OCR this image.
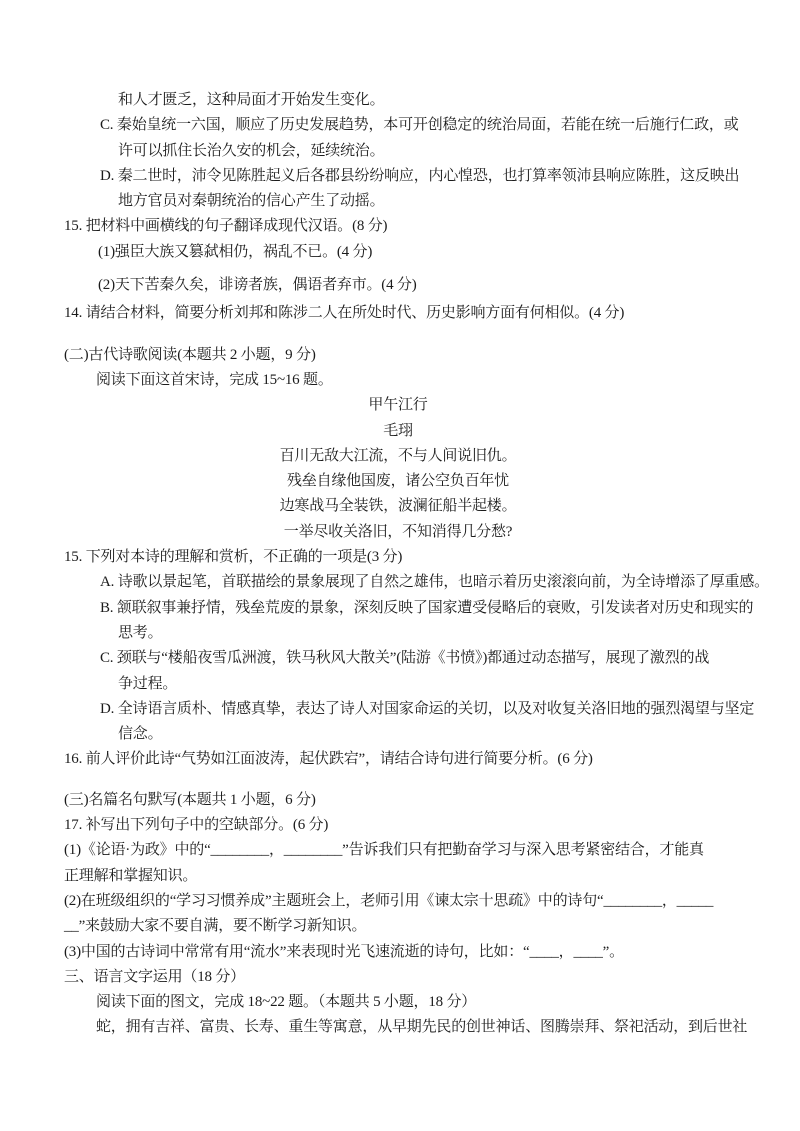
和人才匮乏，这种局面才开始发生变化。
C. 秦始皇统一六国，顺应了历史发展趋势，本可开创稳定的统治局面，若能在统一后施行仁政，或
许可以抓住长治久安的机会，延续统治。
D. 秦二世时，沛令见陈胜起义后各郡县纷纷响应，内心惶恐，也打算率领沛县响应陈胜，这反映出
地方官员对秦朝统治的信心产生了动摇。
15. 把材料中画横线的句子翻译成现代汉语。(8 分)
(1)强臣大族又篡弑相仍，祸乱不已。(4 分)
(2)天下苦秦久矣，诽谤者族，偶语者弃市。(4 分)
14. 请结合材料，简要分析刘邦和陈涉二人在所处时代、历史影响方面有何相似。(4 分)
(二)古代诗歌阅读(本题共 2 小题，9 分)
阅读下面这首宋诗，完成 15~16 题。
甲午江行
毛珝
百川无敌大江流，不与人间说旧仇。
残垒自缘他国废，诸公空负百年忧
边寒战马全装铁，波澜征船半起楼。
一举尽收关洛旧，不知消得几分愁?
15. 下列对本诗的理解和赏析，不正确的一项是(3 分)
A. 诗歌以景起笔，首联描绘的景象展现了自然之雄伟，也暗示着历史滚滚向前，为全诗增添了厚重感。
B. 颔联叙事兼抒情，残垒荒废的景象，深刻反映了国家遭受侵略后的衰败，引发读者对历史和现实的
思考。
C. 颈联与“楼船夜雪瓜洲渡，铁马秋风大散关”(陆游《书愤》)都通过动态描写，展现了激烈的战
争过程。
D. 全诗语言质朴、情感真挚，表达了诗人对国家命运的关切，以及对收复关洛旧地的强烈渴望与坚定
信念。
16. 前人评价此诗“气势如江面波涛，起伏跌宕”，请结合诗句进行简要分析。(6 分)
(三)名篇名句默写(本题共 1 小题，6 分)
17. 补写出下列句子中的空缺部分。(6 分)
(1)《论语·为政》中的“________，________”告诉我们只有把勤奋学习与深入思考紧密结合，才能真
正理解和掌握知识。
(2)在班级组织的“学习习惯养成”主题班会上，老师引用《谏太宗十思疏》中的诗句“________，_____
__”来鼓励大家不要自满，要不断学习新知识。
(3)中国的古诗词中常常有用“流水”来表现时光飞速流逝的诗句，比如：“____，____”。
三、语言文字运用（18 分）
阅读下面的图文，完成 18~22 题。（本题共 5 小题，18 分）
蛇，拥有吉祥、富贵、长寿、重生等寓意，从早期先民的创世神话、图腾崇拜、祭祀活动，到后世社
